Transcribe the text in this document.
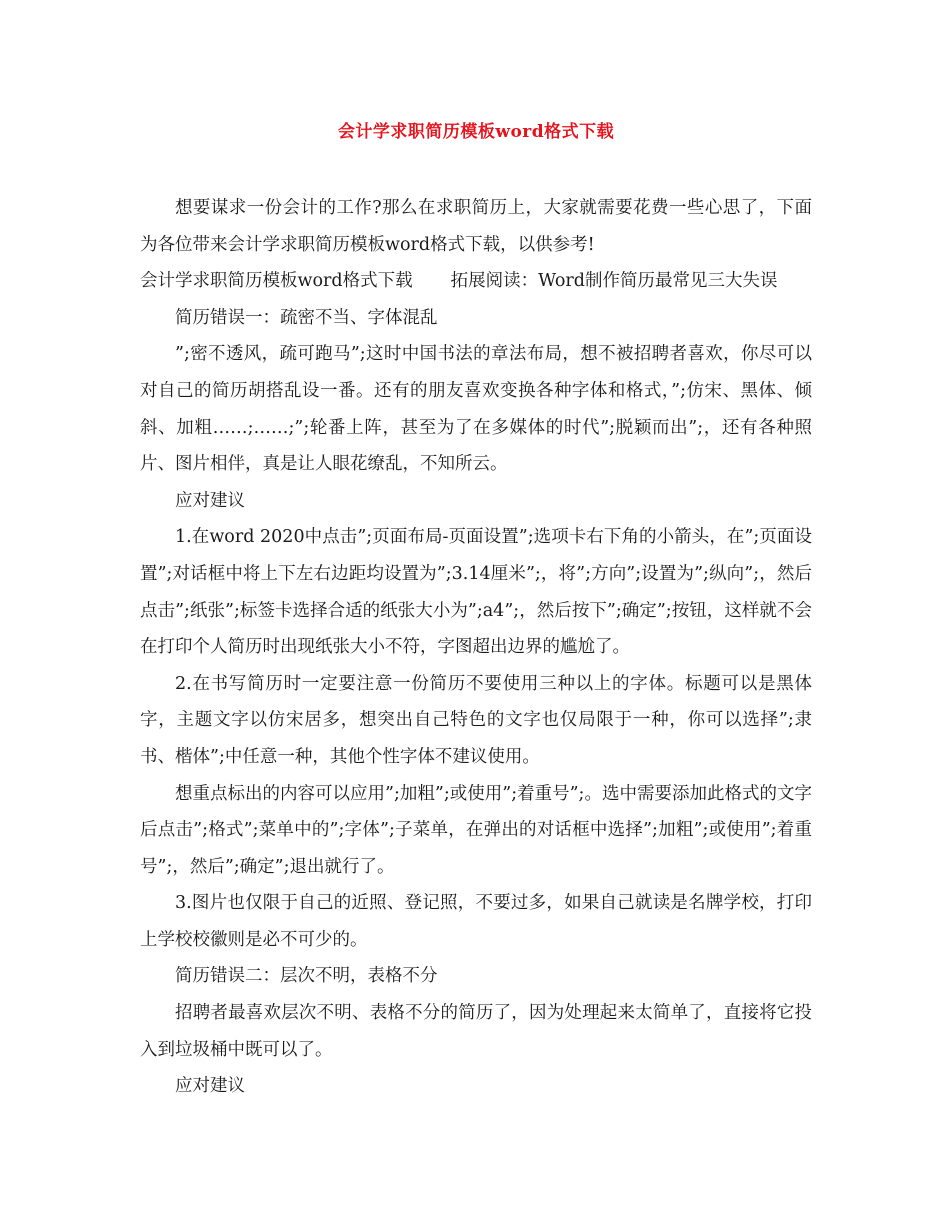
会计学求职简历模板word格式下载

想要谋求一份会计的工作?那么在求职简历上，大家就需要花费一些心思了，下面为各位带来会计学求职简历模板word格式下载，以供参考!

会计学求职简历模板word格式下载 拓展阅读：Word制作简历最常见三大失误

简历错误一：疏密不当、字体混乱

”;密不透风，疏可跑马”;这时中国书法的章法布局，想不被招聘者喜欢，你尽可以对自己的简历胡搭乱设一番。还有的朋友喜欢变换各种字体和格式，”;仿宋、黑体、倾斜、加粗……;……;”;轮番上阵，甚至为了在多媒体的时代”;脱颖而出”;，还有各种照片、图片相伴，真是让人眼花缭乱，不知所云。

应对建议

1.在word 2020中点击”;页面布局-页面设置”;选项卡右下角的小箭头，在”;页面设置”;对话框中将上下左右边距均设置为”;3.14厘米”;，将”;方向”;设置为”;纵向”;，然后点击”;纸张”;标签卡选择合适的纸张大小为”;a4”;，然后按下”;确定”;按钮，这样就不会在打印个人简历时出现纸张大小不符，字图超出边界的尴尬了。

2.在书写简历时一定要注意一份简历不要使用三种以上的字体。标题可以是黑体字，主题文字以仿宋居多，想突出自己特色的文字也仅局限于一种，你可以选择”;隶书、楷体”;中任意一种，其他个性字体不建议使用。

想重点标出的内容可以应用”;加粗”;或使用”;着重号”;。选中需要添加此格式的文字后点击”;格式”;菜单中的”;字体”;子菜单，在弹出的对话框中选择”;加粗”;或使用”;着重号”;，然后”;确定”;退出就行了。

3.图片也仅限于自己的近照、登记照，不要过多，如果自己就读是名牌学校，打印上学校校徽则是必不可少的。

简历错误二：层次不明，表格不分

招聘者最喜欢层次不明、表格不分的简历了，因为处理起来太简单了，直接将它投入到垃圾桶中既可以了。

应对建议
